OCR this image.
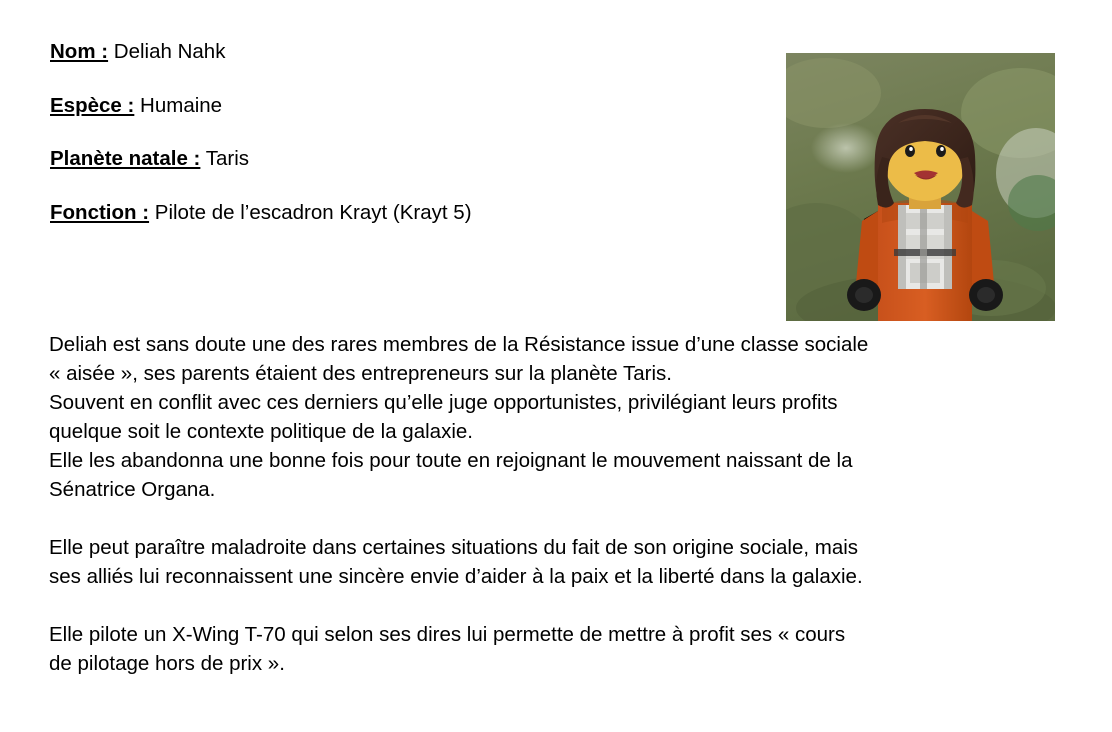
Nom : Deliah Nahk
Espèce : Humaine
Planète natale : Taris
Fonction : Pilote de l’escadron Krayt (Krayt 5)

Deliah est sans doute une des rares membres de la Résistance issue d’une classe sociale

« aisée », ses parents étaient des entrepreneurs sur la planète Taris.

Souvent en conflit avec ces derniers qu’elle juge opportunistes, privilégiant leurs profits

quelque soit le contexte politique de la galaxie.

Elle les abandonna une bonne fois pour toute en rejoignant le mouvement naissant de la

Sénatrice Organa.

Elle peut paraître maladroite dans certaines situations du fait de son origine sociale, mais

ses alliés lui reconnaissent une sincère envie d’aider à la paix et la liberté dans la galaxie.

Elle pilote un X-Wing T-70 qui selon ses dires lui permette de mettre à profit ses « cours

de pilotage hors de prix ».
